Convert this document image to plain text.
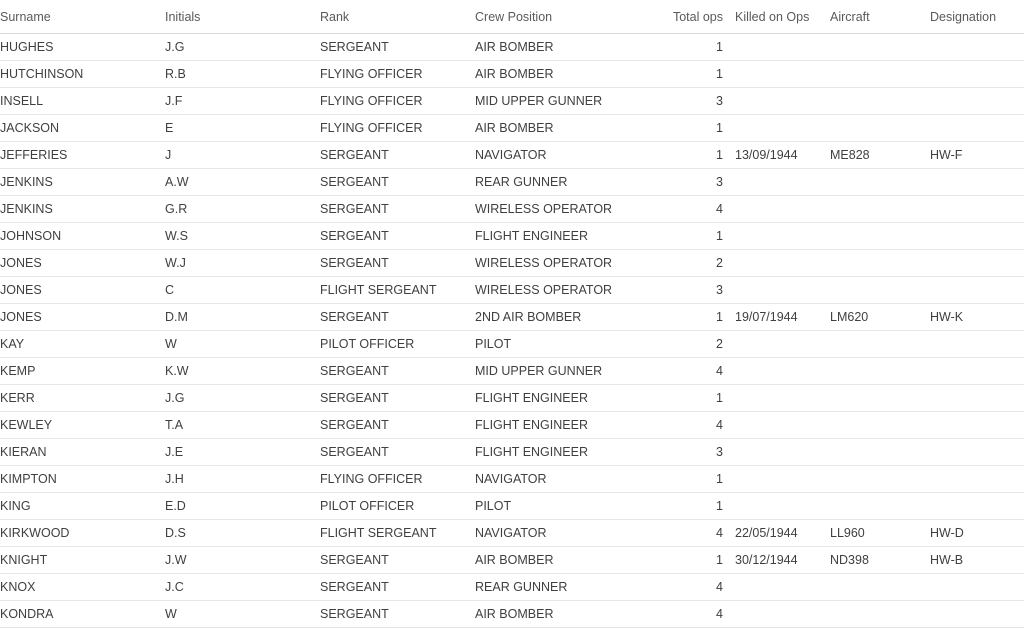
Surname	Initials	Rank	Crew Position	Total ops	Killed on Ops	Aircraft	Designation
HUGHES	J.G	SERGEANT	AIR BOMBER	1			
HUTCHINSON	R.B	FLYING OFFICER	AIR BOMBER	1			
INSELL	J.F	FLYING OFFICER	MID UPPER GUNNER	3			
JACKSON	E	FLYING OFFICER	AIR BOMBER	1			
JEFFERIES	J	SERGEANT	NAVIGATOR	1	13/09/1944	ME828	HW-F
JENKINS	A.W	SERGEANT	REAR GUNNER	3			
JENKINS	G.R	SERGEANT	WIRELESS OPERATOR	4			
JOHNSON	W.S	SERGEANT	FLIGHT ENGINEER	1			
JONES	W.J	SERGEANT	WIRELESS OPERATOR	2			
JONES	C	FLIGHT SERGEANT	WIRELESS OPERATOR	3			
JONES	D.M	SERGEANT	2ND AIR BOMBER	1	19/07/1944	LM620	HW-K
KAY	W	PILOT OFFICER	PILOT	2			
KEMP	K.W	SERGEANT	MID UPPER GUNNER	4			
KERR	J.G	SERGEANT	FLIGHT ENGINEER	1			
KEWLEY	T.A	SERGEANT	FLIGHT ENGINEER	4			
KIERAN	J.E	SERGEANT	FLIGHT ENGINEER	3			
KIMPTON	J.H	FLYING OFFICER	NAVIGATOR	1			
KING	E.D	PILOT OFFICER	PILOT	1			
KIRKWOOD	D.S	FLIGHT SERGEANT	NAVIGATOR	4	22/05/1944	LL960	HW-D
KNIGHT	J.W	SERGEANT	AIR BOMBER	1	30/12/1944	ND398	HW-B
KNOX	J.C	SERGEANT	REAR GUNNER	4			
KONDRA	W	SERGEANT	AIR BOMBER	4			
